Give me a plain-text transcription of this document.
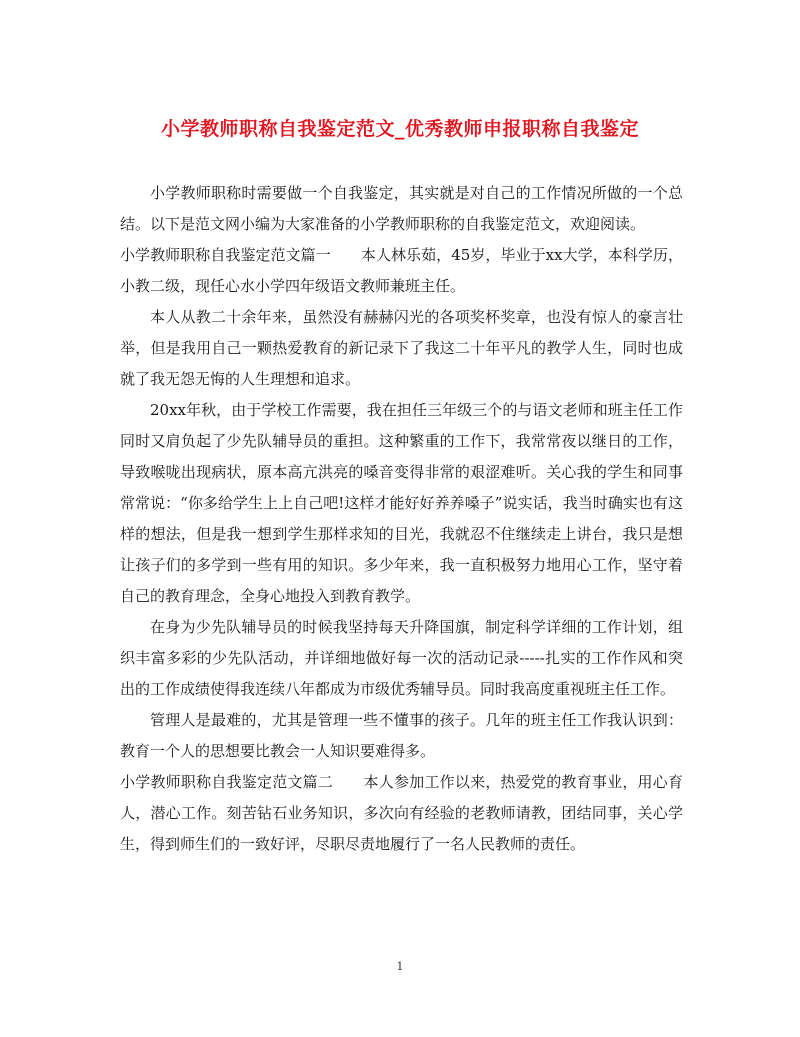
小学教师职称自我鉴定范文_优秀教师申报职称自我鉴定

小学教师职称时需要做一个自我鉴定，其实就是对自己的工作情况所做的一个总结。以下是范文网小编为大家准备的小学教师职称的自我鉴定范文，欢迎阅读。

小学教师职称自我鉴定范文篇一　　本人林乐茹，45岁，毕业于xx大学，本科学历，小教二级，现任心水小学四年级语文教师兼班主任。

本人从教二十余年来，虽然没有赫赫闪光的各项奖杯奖章，也没有惊人的豪言壮举，但是我用自己一颗热爱教育的新记录下了我这二十年平凡的教学人生，同时也成就了我无怨无悔的人生理想和追求。

20xx年秋，由于学校工作需要，我在担任三年级三个的与语文老师和班主任工作同时又肩负起了少先队辅导员的重担。这种繁重的工作下，我常常夜以继日的工作，导致喉咙出现病状，原本高亢洪亮的嗓音变得非常的艰涩难听。关心我的学生和同事常常说：“你多给学生上上自己吧!这样才能好好养养嗓子”说实话，我当时确实也有这样的想法，但是我一想到学生那样求知的目光，我就忍不住继续走上讲台，我只是想让孩子们的多学到一些有用的知识。多少年来，我一直积极努力地用心工作，坚守着自己的教育理念，全身心地投入到教育教学。

在身为少先队辅导员的时候我坚持每天升降国旗，制定科学详细的工作计划，组织丰富多彩的少先队活动，并详细地做好每一次的活动记录-----扎实的工作作风和突出的工作成绩使得我连续八年都成为市级优秀辅导员。同时我高度重视班主任工作。

管理人是最难的，尤其是管理一些不懂事的孩子。几年的班主任工作我认识到：教育一个人的思想要比教会一人知识要难得多。

小学教师职称自我鉴定范文篇二　　本人参加工作以来，热爱党的教育事业，用心育人，潜心工作。刻苦钻石业务知识，多次向有经验的老教师请教，团结同事，关心学生，得到师生们的一致好评，尽职尽责地履行了一名人民教师的责任。

1
